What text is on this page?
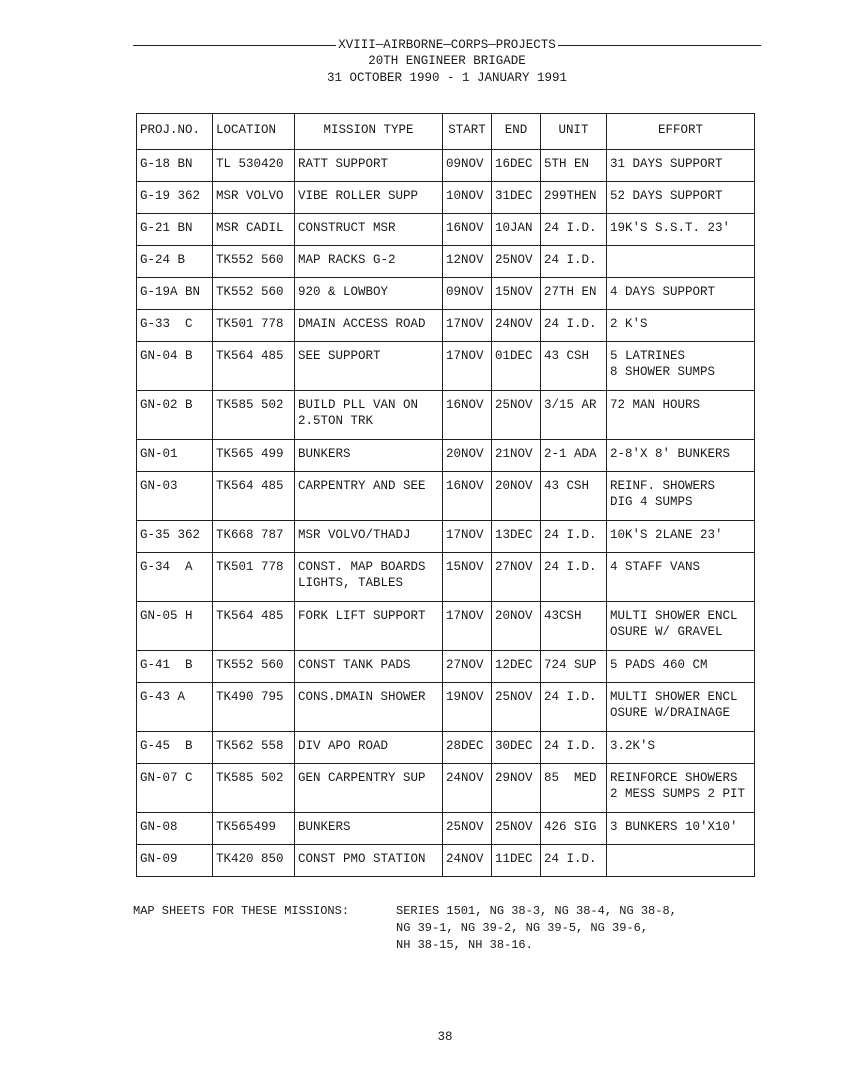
XVIII—AIRBORNE—CORPS—PROJECTS
20TH ENGINEER BRIGADE
31 OCTOBER 1990 - 1 JANUARY 1991
PROJ.NO.	LOCATION	MISSION TYPE	START	END	UNIT	EFFORT
G-18 BN	TL 530420	RATT SUPPORT	09NOV	16DEC	5TH EN	31 DAYS SUPPORT
G-19 362	MSR VOLVO	VIBE ROLLER SUPP	10NOV	31DEC	299THEN	52 DAYS SUPPORT
G-21 BN	MSR CADIL	CONSTRUCT MSR	16NOV	10JAN	24 I.D.	19K'S S.S.T. 23'
G-24 B	TK552 560	MAP RACKS G-2	12NOV	25NOV	24 I.D.	
G-19A BN	TK552 560	920 & LOWBOY	09NOV	15NOV	27TH EN	4 DAYS SUPPORT
G-33  C	TK501 778	DMAIN ACCESS ROAD	17NOV	24NOV	24 I.D.	2 K'S
GN-04 B	TK564 485	SEE SUPPORT	17NOV	01DEC	43 CSH	5 LATRINES
8 SHOWER SUMPS
GN-02 B	TK585 502	BUILD PLL VAN ON
2.5TON TRK	16NOV	25NOV	3/15 AR	72 MAN HOURS
GN-01	TK565 499	BUNKERS	20NOV	21NOV	2-1 ADA	2-8'X 8' BUNKERS
GN-03	TK564 485	CARPENTRY AND SEE	16NOV	20NOV	43 CSH	REINF. SHOWERS
DIG 4 SUMPS
G-35 362	TK668 787	MSR VOLVO/THADJ	17NOV	13DEC	24 I.D.	10K'S 2LANE 23'
G-34  A	TK501 778	CONST. MAP BOARDS
LIGHTS, TABLES	15NOV	27NOV	24 I.D.	4 STAFF VANS
GN-05 H	TK564 485	FORK LIFT SUPPORT	17NOV	20NOV	43CSH	MULTI SHOWER ENCL
OSURE W/ GRAVEL
G-41  B	TK552 560	CONST TANK PADS	27NOV	12DEC	724 SUP	5 PADS 460 CM
G-43 A	TK490 795	CONS.DMAIN SHOWER	19NOV	25NOV	24 I.D.	MULTI SHOWER ENCL
OSURE W/DRAINAGE
G-45  B	TK562 558	DIV APO ROAD	28DEC	30DEC	24 I.D.	3.2K'S
GN-07 C	TK585 502	GEN CARPENTRY SUP	24NOV	29NOV	85  MED	REINFORCE SHOWERS
2 MESS SUMPS 2 PIT
GN-08	TK565499	BUNKERS	25NOV	25NOV	426 SIG	3 BUNKERS 10'X10'
GN-09	TK420 850	CONST PMO STATION	24NOV	11DEC	24 I.D.	
MAP SHEETS FOR THESE MISSIONS:	SERIES 1501, NG 38-3, NG 38-4, NG 38-8,
NG 39-1, NG 39-2, NG 39-5, NG 39-6,
NH 38-15, NH 38-16.
38
